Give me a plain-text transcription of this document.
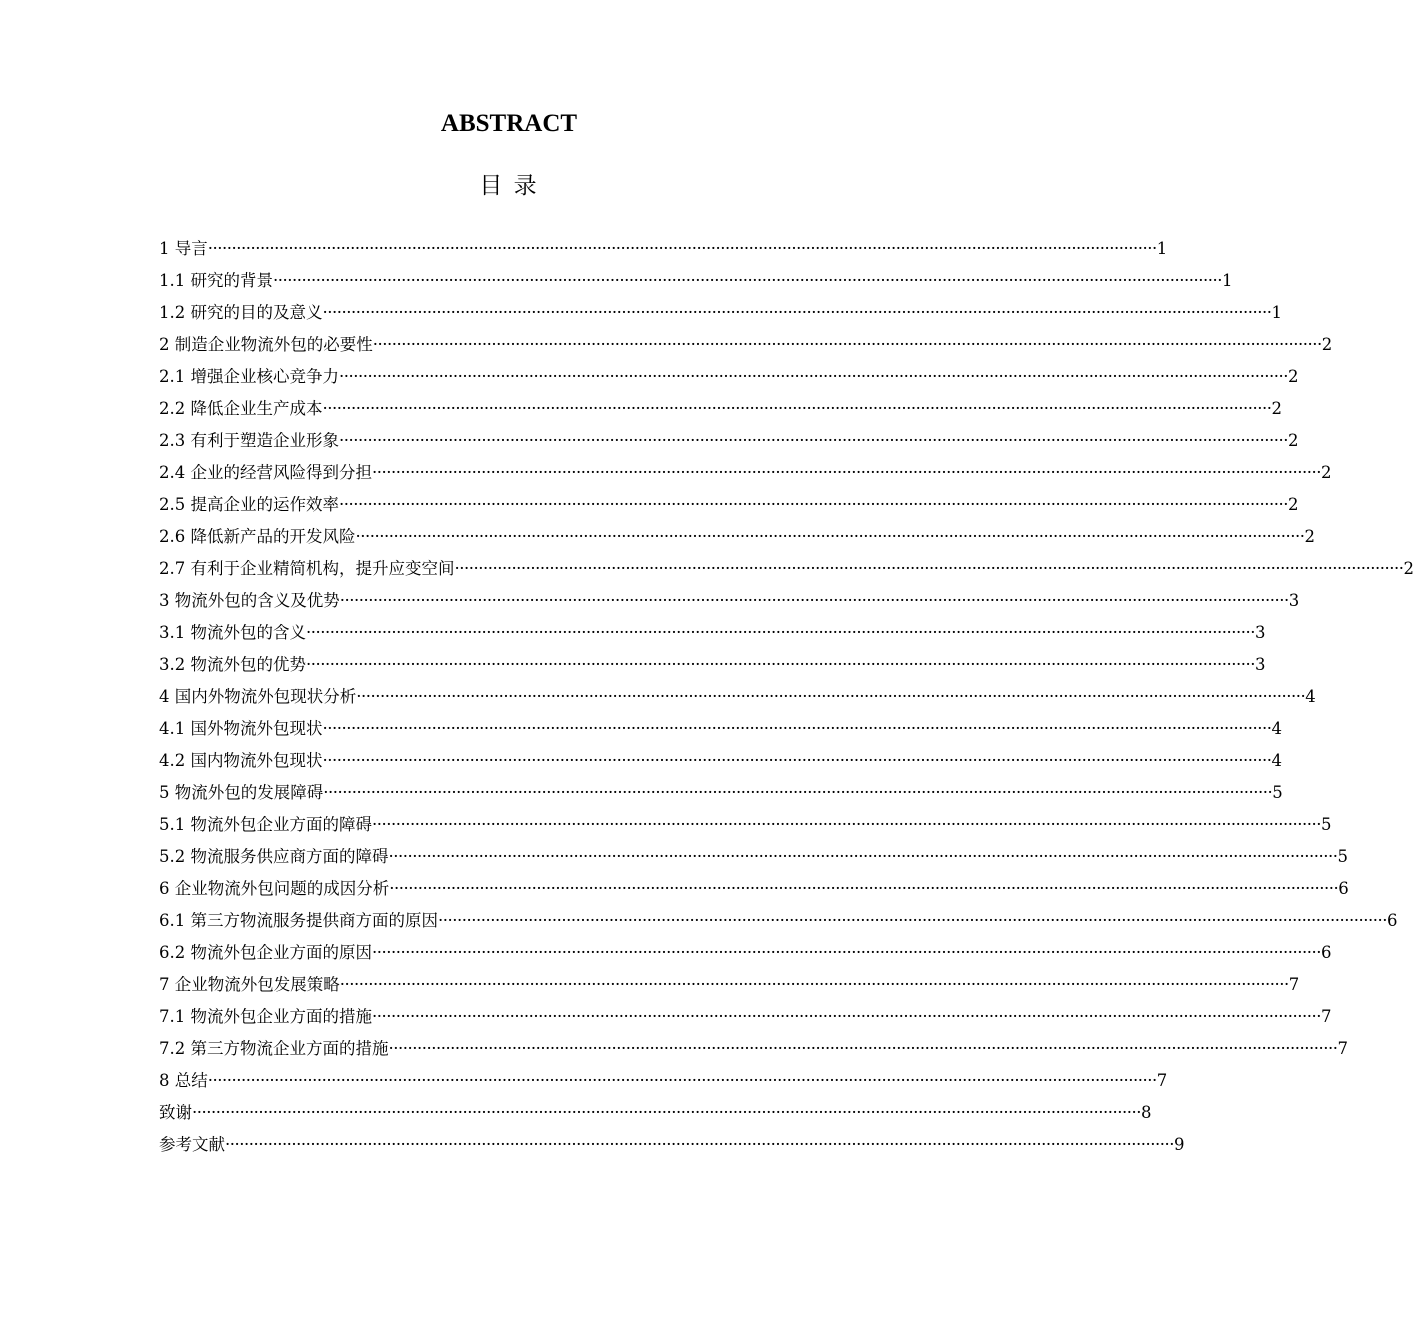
ABSTRACT
目 录
1 导言 ········································································································································································································ 1
1.1 研究的背景 ········································································································································································································ 1
1.2 研究的目的及意义 ········································································································································································································ 1
2 制造企业物流外包的必要性 ········································································································································································································ 2
2.1 增强企业核心竞争力 ········································································································································································································ 2
2.2 降低企业生产成本 ········································································································································································································ 2
2.3 有利于塑造企业形象 ········································································································································································································ 2
2.4 企业的经营风险得到分担 ········································································································································································································ 2
2.5 提高企业的运作效率 ········································································································································································································ 2
2.6 降低新产品的开发风险 ········································································································································································································ 2
2.7 有利于企业精简机构，提升应变空间 ········································································································································································································ 2
3 物流外包的含义及优势 ········································································································································································································ 3
3.1 物流外包的含义 ········································································································································································································ 3
3.2 物流外包的优势 ········································································································································································································ 3
4 国内外物流外包现状分析 ········································································································································································································ 4
4.1 国外物流外包现状 ········································································································································································································ 4
4.2 国内物流外包现状 ········································································································································································································ 4
5 物流外包的发展障碍 ········································································································································································································ 5
5.1 物流外包企业方面的障碍 ········································································································································································································ 5
5.2 物流服务供应商方面的障碍 ········································································································································································································ 5
6 企业物流外包问题的成因分析 ········································································································································································································ 6
6.1 第三方物流服务提供商方面的原因 ········································································································································································································ 6
6.2 物流外包企业方面的原因 ········································································································································································································ 6
7 企业物流外包发展策略 ········································································································································································································ 7
7.1 物流外包企业方面的措施 ········································································································································································································ 7
7.2 第三方物流企业方面的措施 ········································································································································································································ 7
8 总结 ········································································································································································································ 7
致谢 ········································································································································································································ 8
参考文献 ········································································································································································································ 9
